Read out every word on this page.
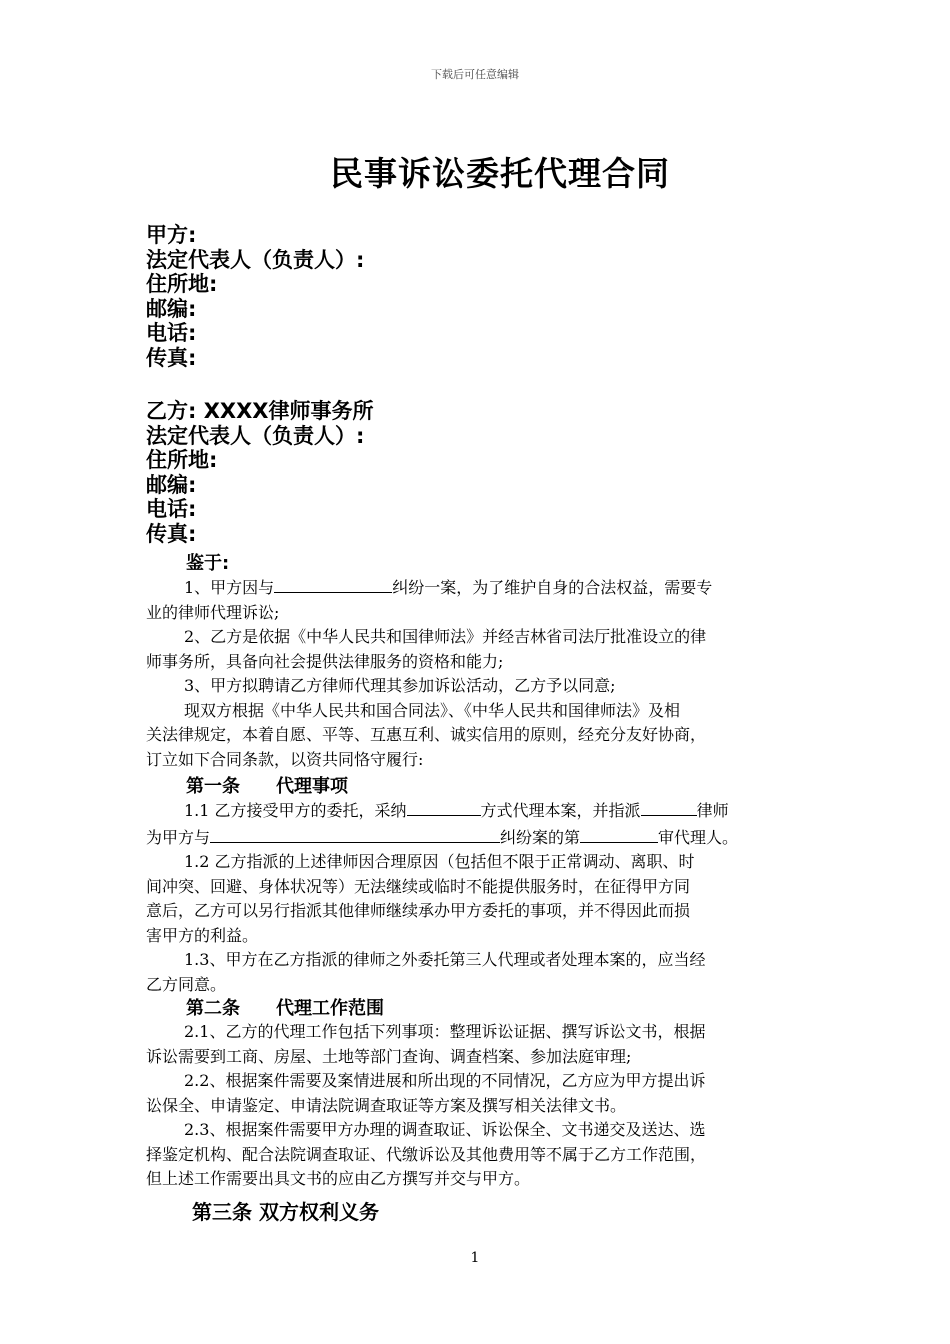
下载后可任意编辑
民事诉讼委托代理合同
甲方:
法定代表人（负责人）:
住所地:
邮编:
电话:
传真:
乙方: XXXX律师事务所
法定代表人（负责人）:
住所地:
邮编:
电话:
传真:
鉴于:
1、甲方因与	纠纷一案，为了维护自身的合法权益，需要专
业的律师代理诉讼;
2、乙方是依据《中华人民共和国律师法》并经吉林省司法厅批准设立的律
师事务所，具备向社会提供法律服务的资格和能力;
3、甲方拟聘请乙方律师代理其参加诉讼活动，乙方予以同意;
现双方根据《中华人民共和国合同法》、《中华人民共和国律师法》及相
关法律规定，本着自愿、平等、互惠互利、诚实信用的原则，经充分友好协商，
订立如下合同条款，以资共同恪守履行:
第一条　　代理事项
1.1 乙方接受甲方的委托，采纳	方式代理本案，并指派	律师
为甲方与	纠纷案的第	审代理人。
1.2 乙方指派的上述律师因合理原因（包括但不限于正常调动、离职、时
间冲突、回避、身体状况等）无法继续或临时不能提供服务时，在征得甲方同
意后，乙方可以另行指派其他律师继续承办甲方委托的事项，并不得因此而损
害甲方的利益。
1.3、甲方在乙方指派的律师之外委托第三人代理或者处理本案的，应当经
乙方同意。
第二条　　代理工作范围
2.1、乙方的代理工作包括下列事项：整理诉讼证据、撰写诉讼文书，根据
诉讼需要到工商、房屋、土地等部门查询、调查档案、参加法庭审理;
2.2、根据案件需要及案情进展和所出现的不同情况，乙方应为甲方提出诉
讼保全、申请鉴定、申请法院调查取证等方案及撰写相关法律文书。
2.3、根据案件需要甲方办理的调查取证、诉讼保全、文书递交及送达、选
择鉴定机构、配合法院调查取证、代缴诉讼及其他费用等不属于乙方工作范围，
但上述工作需要出具文书的应由乙方撰写并交与甲方。
第三条 双方权利义务
1
